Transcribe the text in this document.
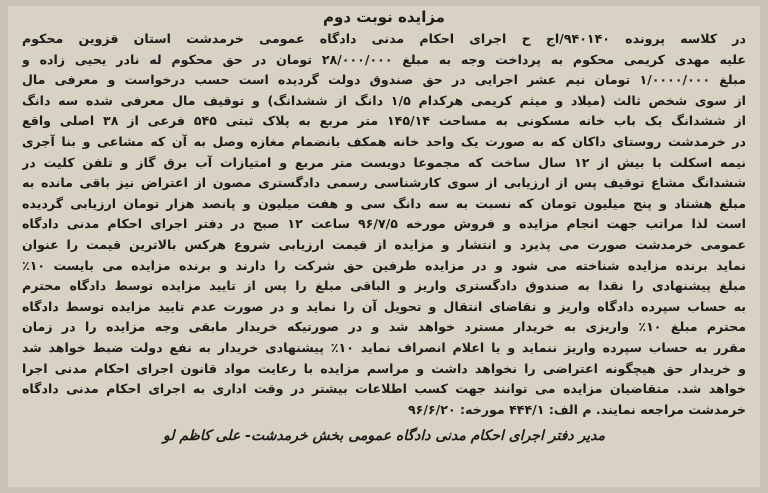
مزایده نوبت دوم
در کلاسه پرونده ۹۴۰۱۴۰/اج ح اجرای احکام مدنی دادگاه عمومی خرمدشت استان قزوین محکوم
علیه مهدی کریمی محکوم به پرداخت وجه به مبلغ ۲۸/۰۰۰/۰۰۰ تومان در حق محکوم له نادر یحیی زاده و
مبلغ ۱/۰۰۰۰/۰۰۰ تومان نیم عشر اجرایی در حق صندوق دولت گردیده است حسب درخواست و معرفی مال
از سوی شخص ثالث (میلاد و میثم کریمی هرکدام ۱/۵ دانگ از ششدانگ) و توقیف مال معرفی شده سه دانگ
از ششدانگ یک باب خانه مسکونی به مساحت ۱۴۵/۱۴ متر مربع به پلاک ثبتی ۵۴۵ فرعی از ۳۸ اصلی واقع
در خرمدشت روستای داکان که به صورت یک واحد خانه همکف بانضمام مغازه وصل به آن که مشاعی و بنا آجری
نیمه اسکلت با بیش از ۱۲ سال ساخت که مجموعا دویست متر مربع و امتیازات آب برق گاز و تلفن کلیت در
ششدانگ مشاع توقیف پس از ارزیابی از سوی کارشناسی رسمی دادگستری مصون از اعتراض نیز باقی مانده به
مبلغ هشتاد و پنج میلیون تومان که نسبت به سه دانگ سی و هفت میلیون و پانصد هزار تومان ارزیابی گردیده
است لذا مراتب جهت انجام مزایده و فروش مورخه ۹۶/۷/۵ ساعت ۱۲ صبح در دفتر اجرای احکام مدنی دادگاه
عمومی خرمدشت صورت می پذیرد و انتشار و مزایده از قیمت ارزیابی شروع هرکس بالاترین قیمت را عنوان
نماید برنده مزایده شناخته می شود و در مزایده طرفین حق شرکت را دارند و برنده مزایده می بایست ۱۰٪
مبلغ پیشنهادی را نقدا به صندوق دادگستری واریز و الباقی مبلغ را پس از تایید مزایده توسط دادگاه محترم
به حساب سپرده دادگاه واریز و تقاضای انتقال و تحویل آن را نماید و در صورت عدم تایید مزایده توسط دادگاه
محترم مبلغ ۱۰٪ واریزی به خریدار مسترد خواهد شد و در صورتیکه خریدار مابقی وجه مزایده را در زمان
مقرر به حساب سپرده واریز ننماید و یا اعلام انصراف نماید ۱۰٪ پیشنهادی خریدار به نفع دولت ضبط خواهد شد
و خریدار حق هیچگونه اعتراضی را نخواهد داشت و مراسم مزایده با رعایت مواد قانون اجرای احکام مدنی اجرا
خواهد شد. متقاضیان مزایده می توانند جهت کسب اطلاعات بیشتر در وقت اداری به اجرای احکام مدنی دادگاه
خرمدشت مراجعه نمایند. م الف: ۴۴۴/۱ مورخه: ۹۶/۶/۲۰
مدیر دفتر اجرای احکام مدنی دادگاه عمومی بخش خرمدشت- علی کاظم لو
